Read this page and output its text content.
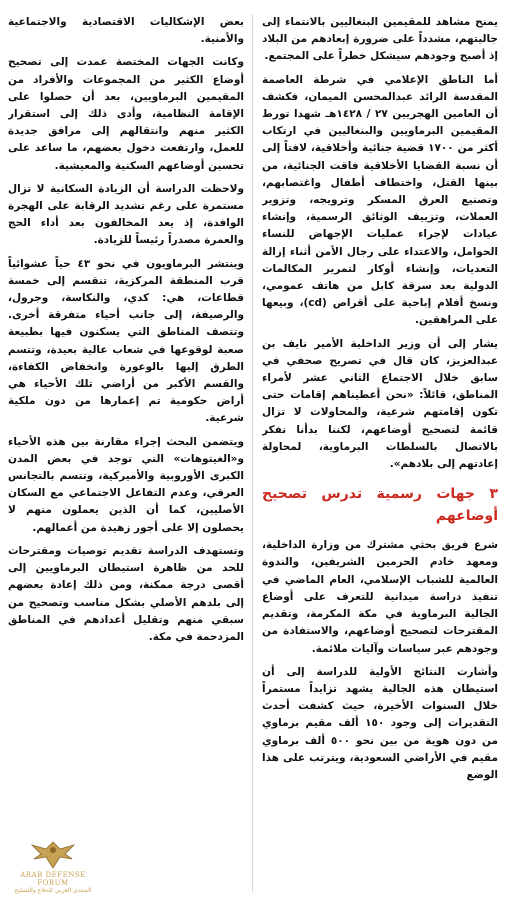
يمنح مشاهد للمقيمين البنغاليين بالانتماء إلى جاليتهم، مشدداً على ضرورة إبعادهم من البلاد إذ أصبح وجودهم سيشكل خطراً على المجتمع.

أما الناطق الإعلامي في شرطة العاصمة المقدسة الرائد عبدالمحسن الميمان، فكشف أن العامين الهجريين ٢٧ / ١٤٢٨هـ شهدا تورط المقيمين البرماويين والبنغاليين في ارتكاب أكثر من ١٧٠٠ قضية جنائية وأخلاقية، لافتاً إلى أن نسبة القضايا الأخلاقية فاقت الجنائية، من بينها القتل، واختطاف أطفال واغتصابهم، وتصنيع العرق المسكر وترويجه، وتزوير العملات، وتزييف الوثائق الرسمية، وإنشاء عيادات لإجراء عمليات الإجهاض للنساء الحوامل، والاعتداء على رجال الأمن أثناء إزالة التعديات، وإنشاء أوكار لتمرير المكالمات الدولية بعد سرقة كابل من هاتف عمومي، ونسخ أفلام إباحية على أقراص (cd)، وبيعها على المراهقين.

يشار إلى أن وزير الداخلية الأمير نايف بن عبدالعزيز، كان قال في تصريح صحفي في سابق خلال الاجتماع الثاني عشر لأمراء المناطق، قائلاً: «نحن أعطيناهم إقامات حتى تكون إقامتهم شرعية، والمحاولات لا تزال قائمة لتصحيح أوضاعهم، لكننا بدأنا نفكر بالاتصال بالسلطات البرماوية، لمحاولة إعادتهم إلى بلادهم».

٣ جهات رسمية تدرس تصحيح أوضاعهم

شرع فريق بحثي مشترك من وزارة الداخلية، ومعهد خادم الحرمين الشريفين، والندوة العالمية للشباب الإسلامي، العام الماضي في تنفيذ دراسة ميدانية للتعرف على أوضاع الجالية البرماوية في مكة المكرمة، وتقديم المقترحات لتصحيح أوضاعهم، والاستفادة من وجودهم عبر سياسات وآليات ملائمة.

وأشارت النتائج الأولية للدراسة إلى أن استيطان هذه الجالية يشهد تزايداً مستمراً خلال السنوات الأخيرة، حيث كشفت أحدث التقديرات إلى وجود ١٥٠ ألف مقيم برماوي من دون هوية من بين نحو ٥٠٠ ألف برماوي مقيم في الأراضي السعودية، ويترتب على هذا الوضع

بعض الإشكاليات الاقتصادية والاجتماعية والأمنية.

وكانت الجهات المختصة عمدت إلى تصحيح أوضاع الكثير من المجموعات والأفراد من المقيمين البرماويين، بعد أن حصلوا على الإقامة النظامية، وأدى ذلك إلى استقرار الكثير منهم وانتقالهم إلى مرافق جديدة للعمل، وارتفعت دخول بعضهم، ما ساعد على تحسين أوضاعهم السكنية والمعيشية.

ولاحظت الدراسة أن الزيادة السكانية لا تزال مستمرة على رغم تشديد الرقابة على الهجرة الوافدة، إذ يعد المخالفون بعد أداء الحج والعمرة مصدراً رئيساً للزيادة.

وينتشر البرماويون في نحو ٤٣ حياً عشوائياً قرب المنطقة المركزية، تنقسم إلى خمسة قطاعات، هي: كدي، والنكاسة، وجرول، والرصيفة، إلى جانب أحياء متفرقة أخرى. وتتصف المناطق التي يسكنون فيها بطبيعة صعبة لوقوعها في شعاب عالية بعيدة، وتتسم الطرق إليها بالوعورة وانخفاض الكفاءة، والقسم الأكبر من أراضي تلك الأحياء هي أراض حكومية تم إعمارها من دون ملكية شرعية.

ويتضمن البحث إجراء مقارنة بين هذه الأحياء و«الغيتوهات» التي توجد في بعض المدن الكبرى الأوروبية والأميركية، وتتسم بالتجانس العرقي، وعدم التفاعل الاجتماعي مع السكان الأصليين، كما أن الذين يعملون منهم لا يحصلون إلا على أجور زهيدة من أعمالهم.

وتستهدف الدراسة تقديم توصيات ومقترحات للحد من ظاهرة استيطان البرماويين إلى أقصى درجة ممكنة، ومن ذلك إعادة بعضهم إلى بلدهم الأصلي بشكل مناسب وتصحيح من سبقي منهم وتقليل أعدادهم في المناطق المزدحمة في مكة.

ARAB DEFENSE FORUM
المنتدى العربي للدفاع والتسليح
